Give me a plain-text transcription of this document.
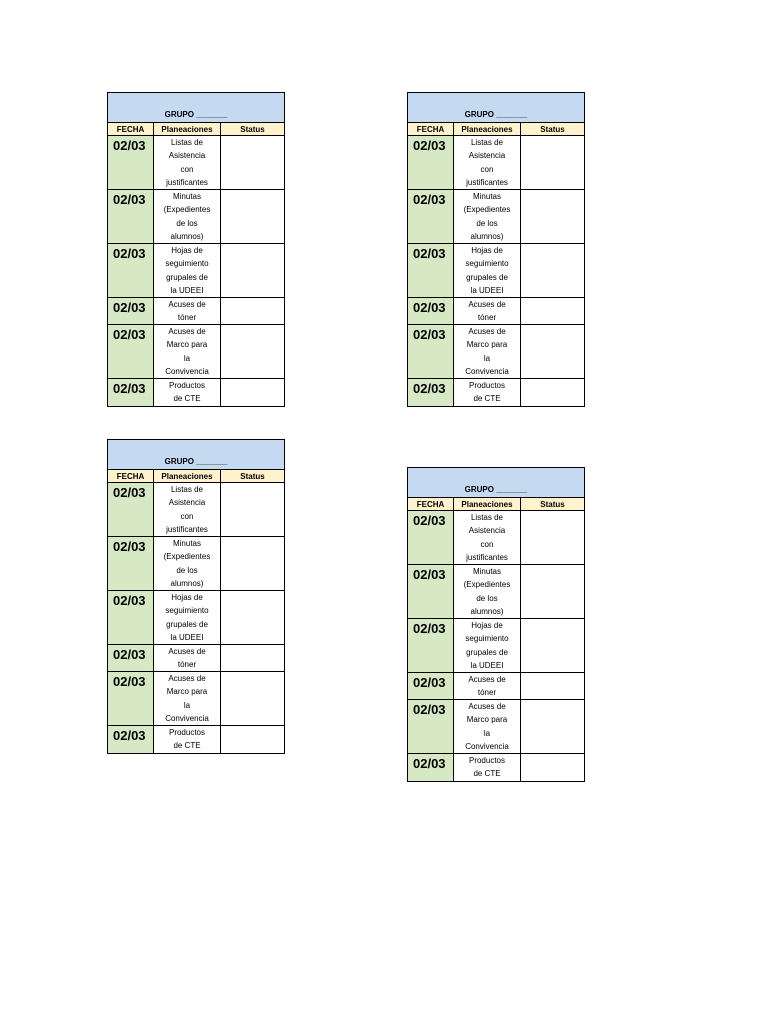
GRUPO _______
FECHA	Planeaciones	Status
02/03	Listas de
Asistencia
con
justificantes
02/03	Minutas
(Expedientes
de los
alumnos)
02/03	Hojas de
seguimiento
grupales de
la UDEEI
02/03	Acuses de
tóner
02/03	Acuses de
Marco para
la
Convivencia
02/03	Productos
de CTE
GRUPO _______
FECHA	Planeaciones	Status
02/03	Listas de
Asistencia
con
justificantes
02/03	Minutas
(Expedientes
de los
alumnos)
02/03	Hojas de
seguimiento
grupales de
la UDEEI
02/03	Acuses de
tóner
02/03	Acuses de
Marco para
la
Convivencia
02/03	Productos
de CTE
GRUPO _______
FECHA	Planeaciones	Status
02/03	Listas de
Asistencia
con
justificantes
02/03	Minutas
(Expedientes
de los
alumnos)
02/03	Hojas de
seguimiento
grupales de
la UDEEI
02/03	Acuses de
tóner
02/03	Acuses de
Marco para
la
Convivencia
02/03	Productos
de CTE
GRUPO _______
FECHA	Planeaciones	Status
02/03	Listas de
Asistencia
con
justificantes
02/03	Minutas
(Expedientes
de los
alumnos)
02/03	Hojas de
seguimiento
grupales de
la UDEEI
02/03	Acuses de
tóner
02/03	Acuses de
Marco para
la
Convivencia
02/03	Productos
de CTE
